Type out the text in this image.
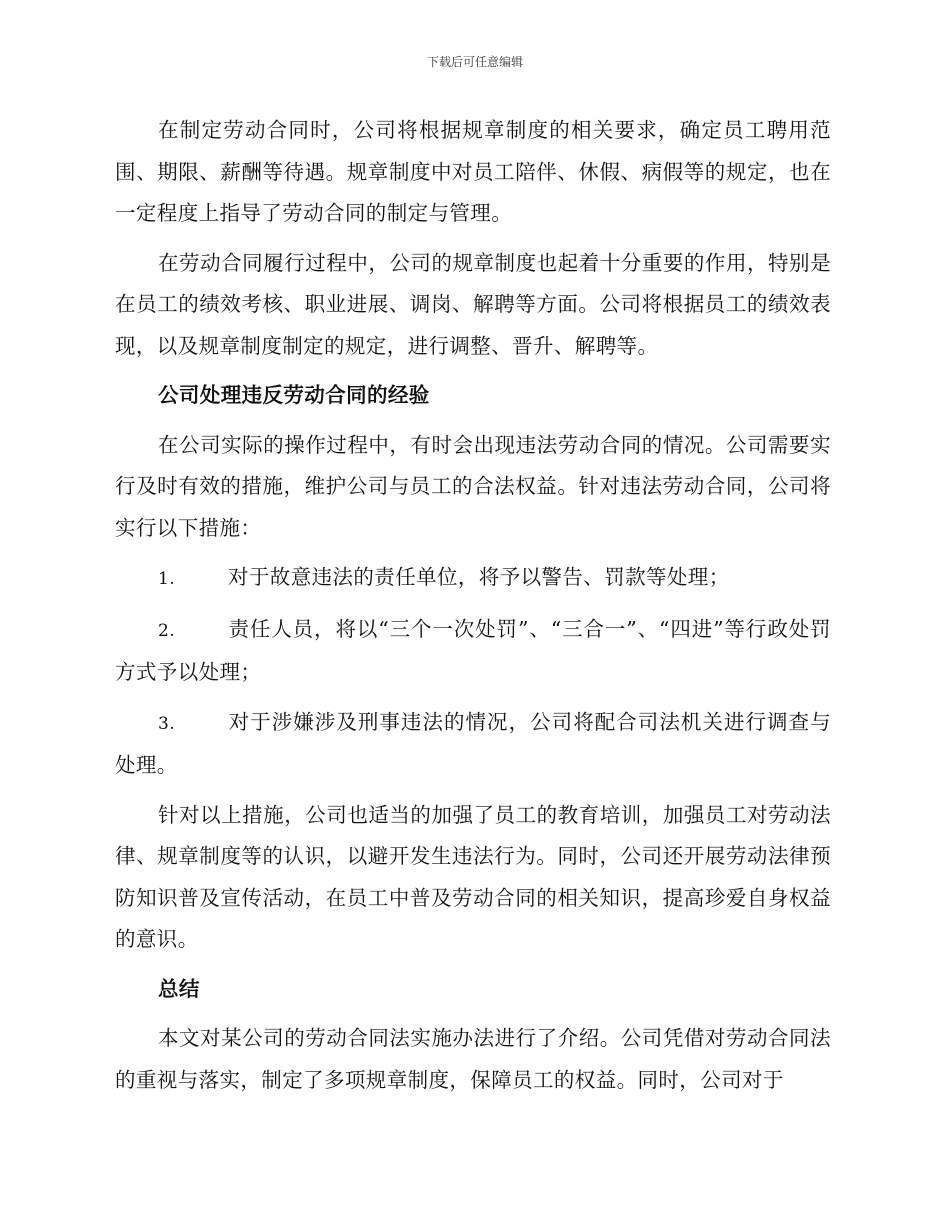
下载后可任意编辑

在制定劳动合同时，公司将根据规章制度的相关要求，确定员工聘用范围、期限、薪酬等待遇。规章制度中对员工陪伴、休假、病假等的规定，也在一定程度上指导了劳动合同的制定与管理。

在劳动合同履行过程中，公司的规章制度也起着十分重要的作用，特别是在员工的绩效考核、职业进展、调岗、解聘等方面。公司将根据员工的绩效表现，以及规章制度制定的规定，进行调整、晋升、解聘等。

公司处理违反劳动合同的经验

在公司实际的操作过程中，有时会出现违法劳动合同的情况。公司需要实行及时有效的措施，维护公司与员工的合法权益。针对违法劳动合同，公司将实行以下措施：

1.	对于故意违法的责任单位，将予以警告、罚款等处理；

2.	责任人员，将以“三个一次处罚”、“三合一”、“四进”等行政处罚方式予以处理；

3.	对于涉嫌涉及刑事违法的情况，公司将配合司法机关进行调查与处理。

针对以上措施，公司也适当的加强了员工的教育培训，加强员工对劳动法律、规章制度等的认识，以避开发生违法行为。同时，公司还开展劳动法律预防知识普及宣传活动，在员工中普及劳动合同的相关知识，提高珍爱自身权益的意识。

总结

本文对某公司的劳动合同法实施办法进行了介绍。公司凭借对劳动合同法的重视与落实，制定了多项规章制度，保障员工的权益。同时，公司对于
